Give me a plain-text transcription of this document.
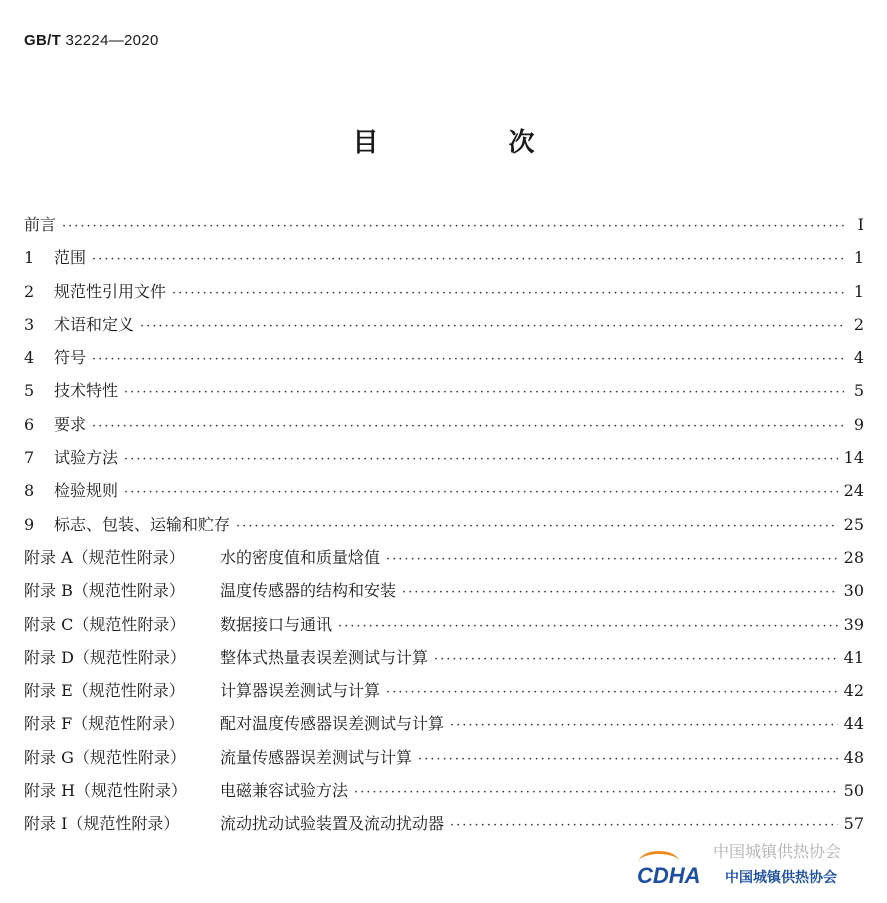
GB/T 32224—2020
目　次
前言 ·····	Ⅰ
1	范围 ·····	1
2	规范性引用文件 ·····	1
3	术语和定义 ·····	2
4	符号 ·····	4
5	技术特性 ·····	5
6	要求 ·····	9
7	试验方法 ·····	14
8	检验规则 ·····	24
9	标志、包装、运输和贮存 ·····	25
附录 A（规范性附录）	水的密度值和质量焓值 ·····	28
附录 B（规范性附录）	温度传感器的结构和安装 ·····	30
附录 C（规范性附录）	数据接口与通讯 ·····	39
附录 D（规范性附录）	整体式热量表误差测试与计算 ·····	41
附录 E（规范性附录）	计算器误差测试与计算 ·····	42
附录 F（规范性附录）	配对温度传感器误差测试与计算 ·····	44
附录 G（规范性附录）	流量传感器误差测试与计算 ·····	48
附录 H（规范性附录）	电磁兼容试验方法 ·····	50
附录 I（规范性附录）	流动扰动试验装置及流动扰动器 ·····	57
中国城镇供热协会
CDHA 中国城镇供热协会
